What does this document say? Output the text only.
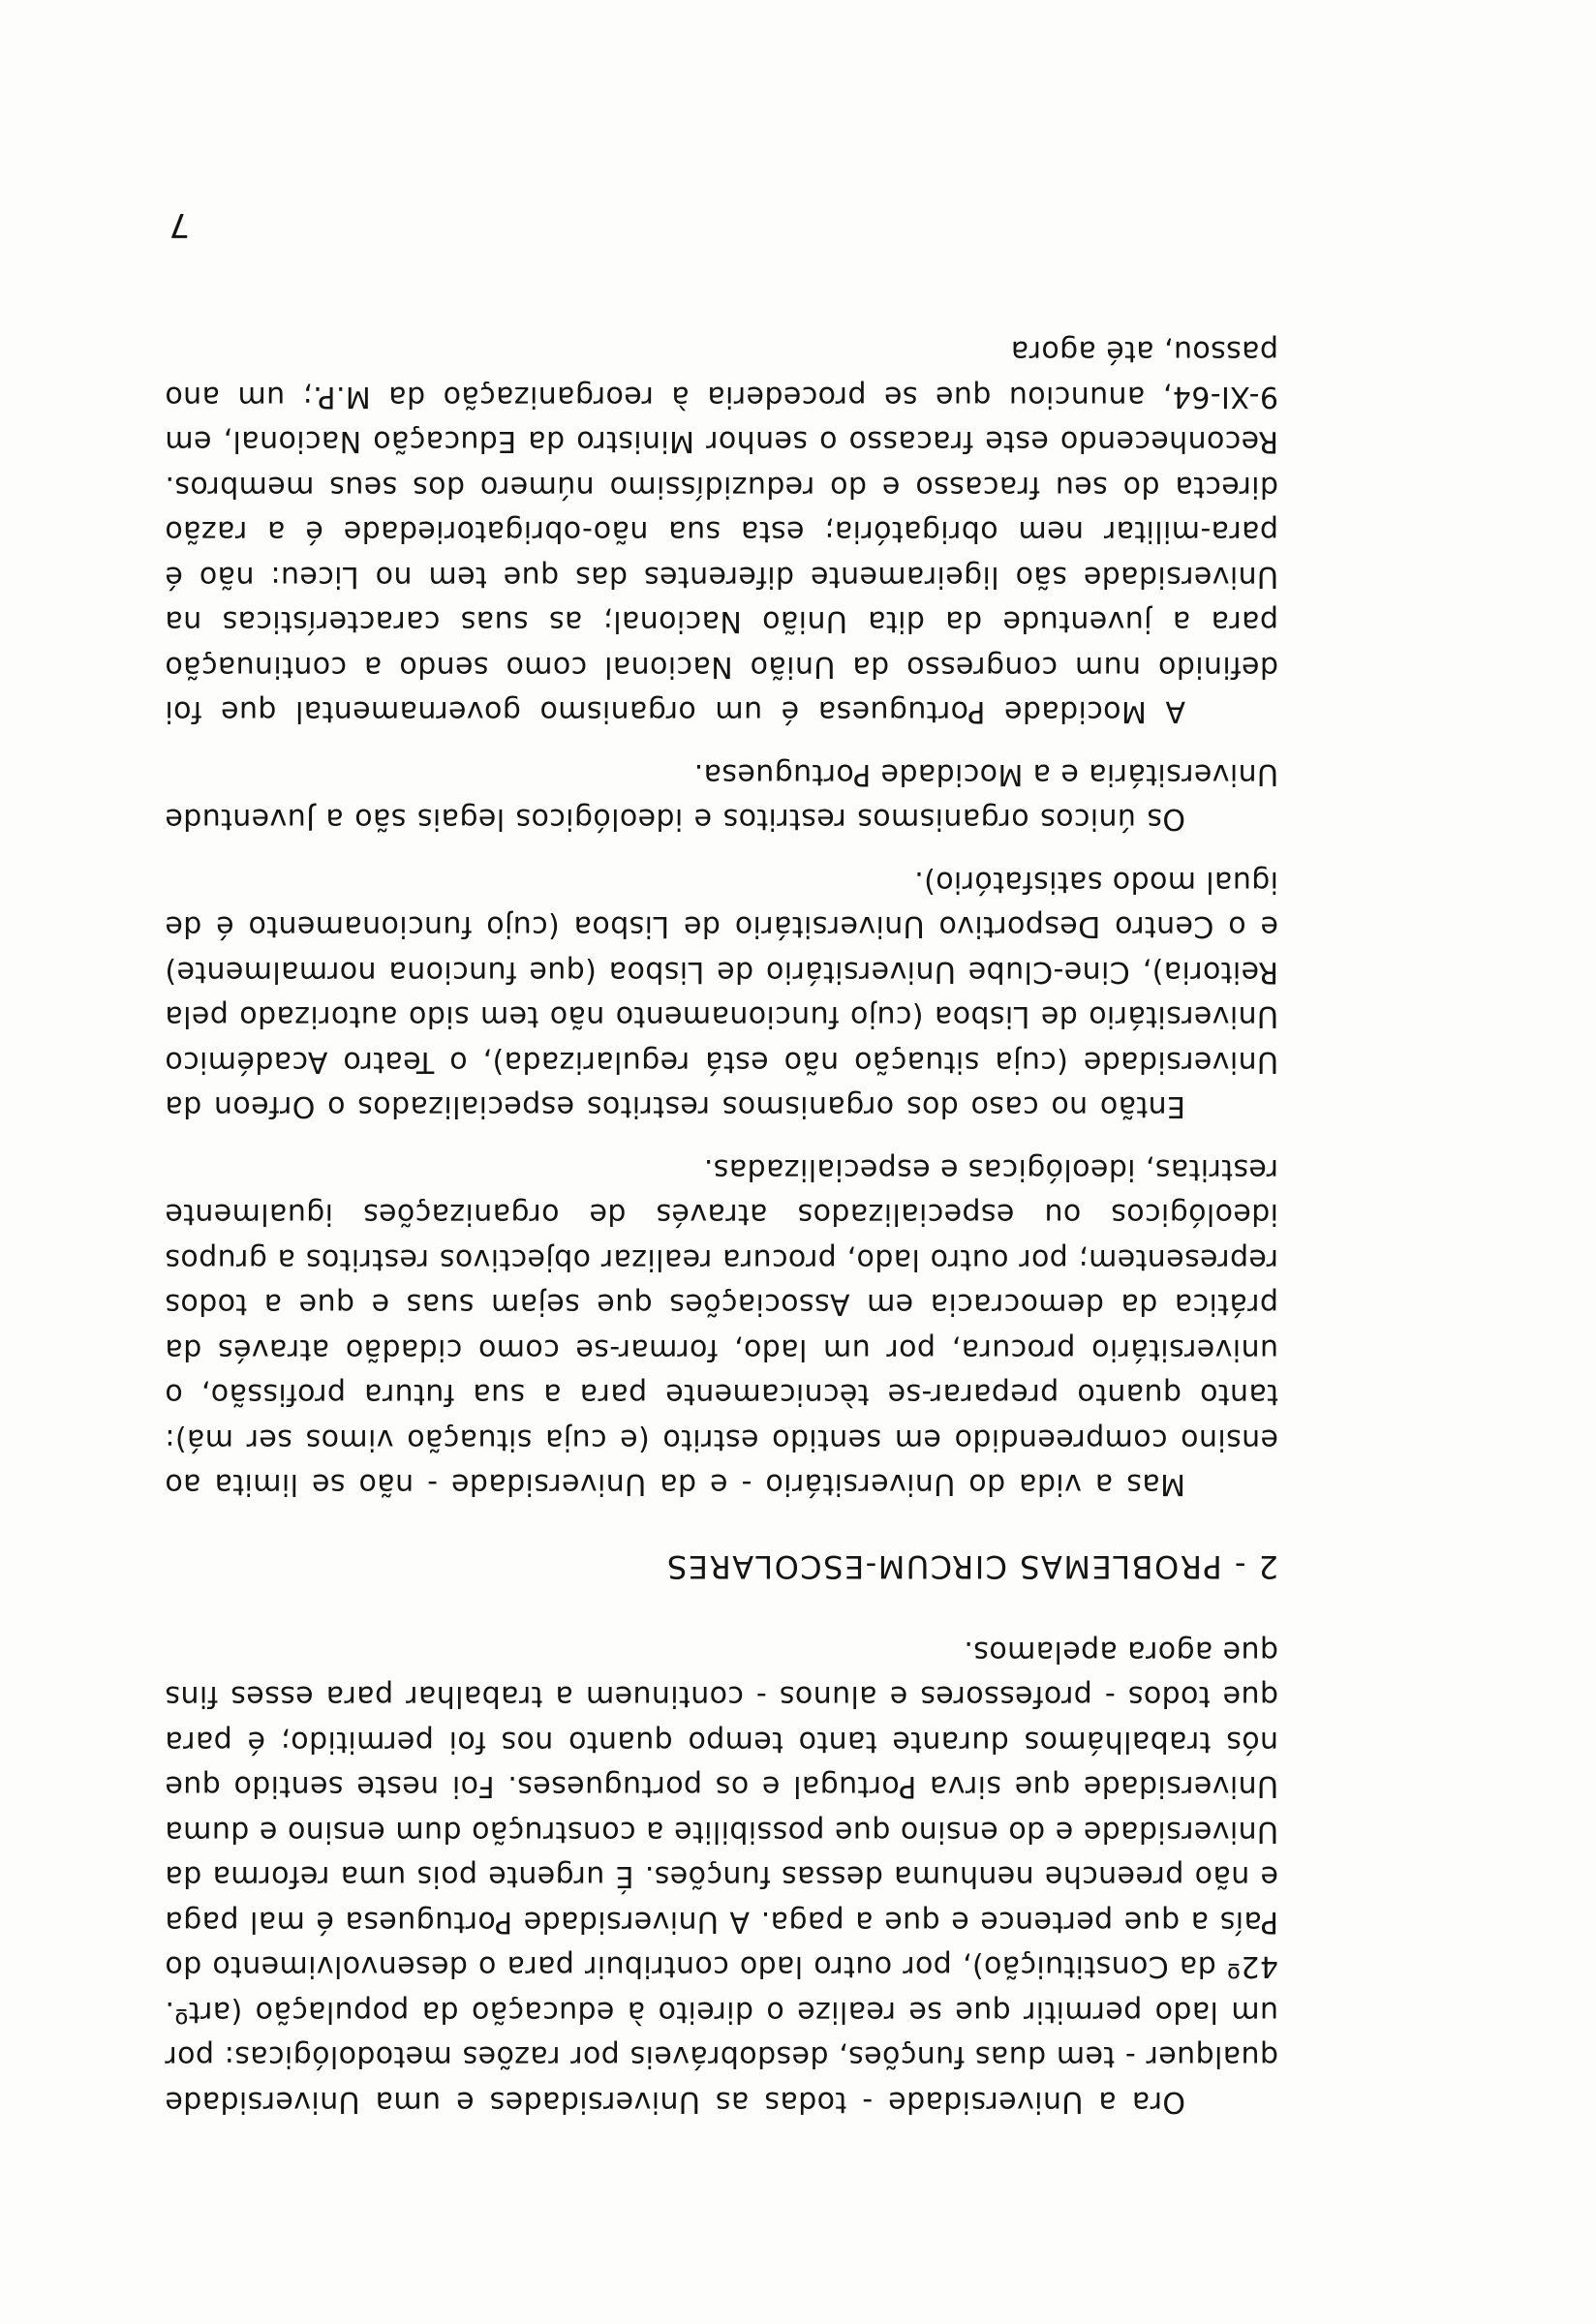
Ora a Universidade - todas as Universidades e uma Universidade qualquer - tem duas funções, desdobráveis por razões metodológicas: por um lado permitir que se realize o direito à educação da população (artº. 42º da Constituição), por outro lado contribuir para o desenvolvimento do País a que pertence e que a paga. A Universidade Portuguesa é mal paga e não preenche nenhuma dessas funções. É urgente pois uma reforma da Universidade e do ensino que possibilite a construção dum ensino e duma Universidade que sirva Portugal e os portugueses. Foi neste sentido que nós trabalhámos durante tanto tempo quanto nos foi permitido; é para que todos - professores e alunos - continuem a trabalhar para esses fins que agora apelamos.

2 - PROBLEMAS CIRCUM-ESCOLARES

Mas a vida do Universitário - e da Universidade - não se limita ao ensino compreendido em sentido estrito (e cuja situação vimos ser má): tanto quanto preparar-se tècnicamente para a sua futura profissão, o universitário procura, por um lado, formar-se como cidadão através da prática da democracia em Associações que sejam suas e que a todos representem; por outro lado, procura realizar objectivos restritos a grupos ideológicos ou especializados através de organizações igualmente restritas, ideológicas e especializadas.

Então no caso dos organismos restritos especializados o Orfeon da Universidade (cuja situação não está regularizada), o Teatro Académico Universitário de Lisboa (cujo funcionamento não tem sido autorizado pela Reitoria), Cine-Clube Universitário de Lisboa (que funciona normalmente) e o Centro Desportivo Universitário de Lisboa (cujo funcionamento é de igual modo satisfatório).

Os únicos organismos restritos e ideológicos legais são a Juventude Universitária e a Mocidade Portuguesa.

A Mocidade Portuguesa é um organismo governamental que foi definido num congresso da União Nacional como sendo a continuação para a juventude da dita União Nacional; as suas características na Universidade são ligeiramente diferentes das que tem no Liceu: não é para-militar nem obrigatória; esta sua não-obrigatoriedade é a razão directa do seu fracasso e do reduzidíssimo número dos seus membros. Reconhecendo este fracasso o senhor Ministro da Educação Nacional, em 9-XI-64, anunciou que se procederia à reorganização da M.P.; um ano passou, até agora

7
